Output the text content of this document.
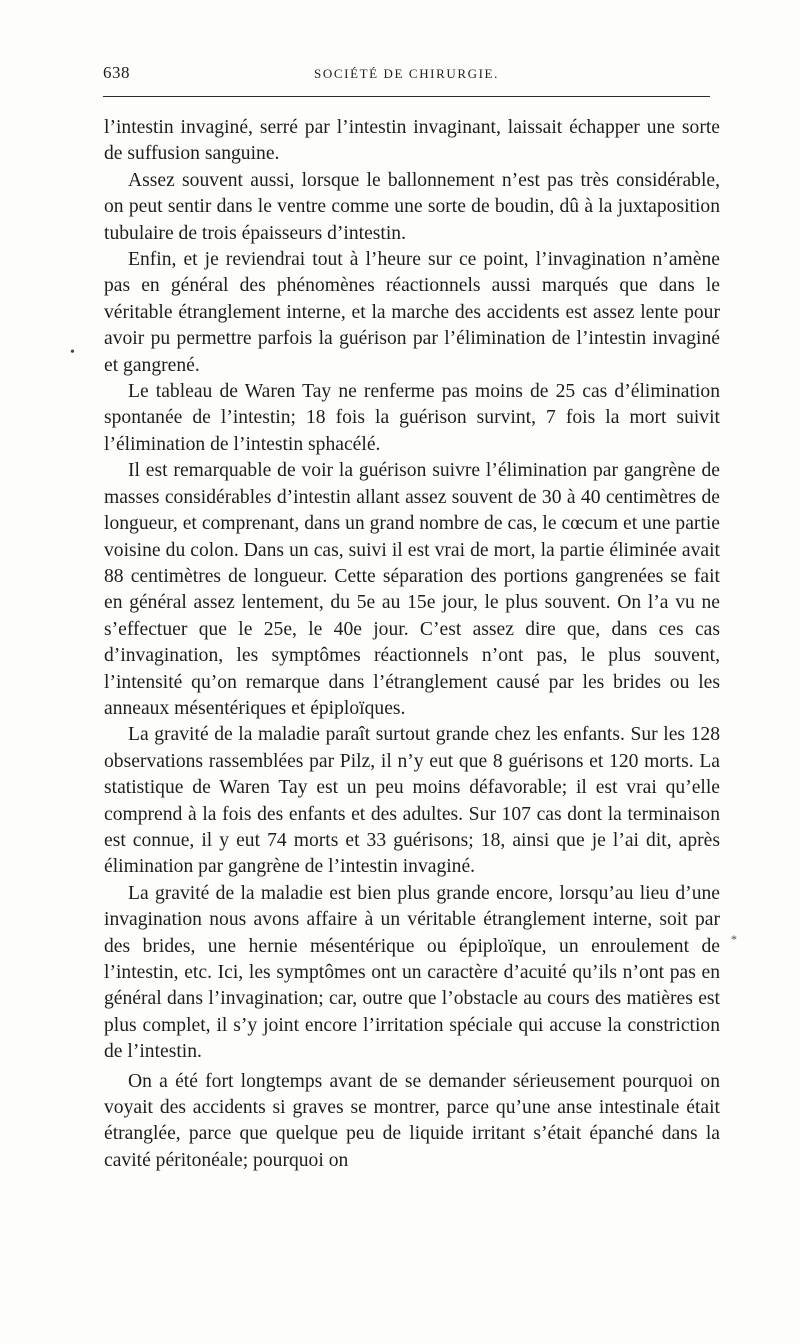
638	SOCIÉTÉ DE CHIRURGIE.

l’intestin invaginé, serré par l’intestin invaginant, laissait échapper une sorte de suffusion sanguine.

Assez souvent aussi, lorsque le ballonnement n’est pas très considérable, on peut sentir dans le ventre comme une sorte de boudin, dû à la juxtaposition tubulaire de trois épaisseurs d’intestin.

Enfin, et je reviendrai tout à l’heure sur ce point, l’invagination n’amène pas en général des phénomènes réactionnels aussi marqués que dans le véritable étranglement interne, et la marche des accidents est assez lente pour avoir pu permettre parfois la guérison par l’élimination de l’intestin invaginé et gangrené.

Le tableau de Waren Tay ne renferme pas moins de 25 cas d’élimination spontanée de l’intestin; 18 fois la guérison survint, 7 fois la mort suivit l’élimination de l’intestin sphacélé.

Il est remarquable de voir la guérison suivre l’élimination par gangrène de masses considérables d’intestin allant assez souvent de 30 à 40 centimètres de longueur, et comprenant, dans un grand nombre de cas, le cœcum et une partie voisine du colon. Dans un cas, suivi il est vrai de mort, la partie éliminée avait 88 centimètres de longueur. Cette séparation des portions gangrenées se fait en général assez lentement, du 5e au 15e jour, le plus souvent. On l’a vu ne s’effectuer que le 25e, le 40e jour. C’est assez dire que, dans ces cas d’invagination, les symptômes réactionnels n’ont pas, le plus souvent, l’intensité qu’on remarque dans l’étranglement causé par les brides ou les anneaux mésentériques et épiploïques.

La gravité de la maladie paraît surtout grande chez les enfants. Sur les 128 observations rassemblées par Pilz, il n’y eut que 8 guérisons et 120 morts. La statistique de Waren Tay est un peu moins défavorable; il est vrai qu’elle comprend à la fois des enfants et des adultes. Sur 107 cas dont la terminaison est connue, il y eut 74 morts et 33 guérisons; 18, ainsi que je l’ai dit, après élimination par gangrène de l’intestin invaginé.

La gravité de la maladie est bien plus grande encore, lorsqu’au lieu d’une invagination nous avons affaire à un véritable étranglement interne, soit par des brides, une hernie mésentérique ou épiploïque, un enroulement de l’intestin, etc. Ici, les symptômes ont un caractère d’acuité qu’ils n’ont pas en général dans l’invagination; car, outre que l’obstacle au cours des matières est plus complet, il s’y joint encore l’irritation spéciale qui accuse la constriction de l’intestin.

On a été fort longtemps avant de se demander sérieusement pourquoi on voyait des accidents si graves se montrer, parce qu’une anse intestinale était étranglée, parce que quelque peu de liquide irritant s’était épanché dans la cavité péritonéale; pourquoi on

•
*
